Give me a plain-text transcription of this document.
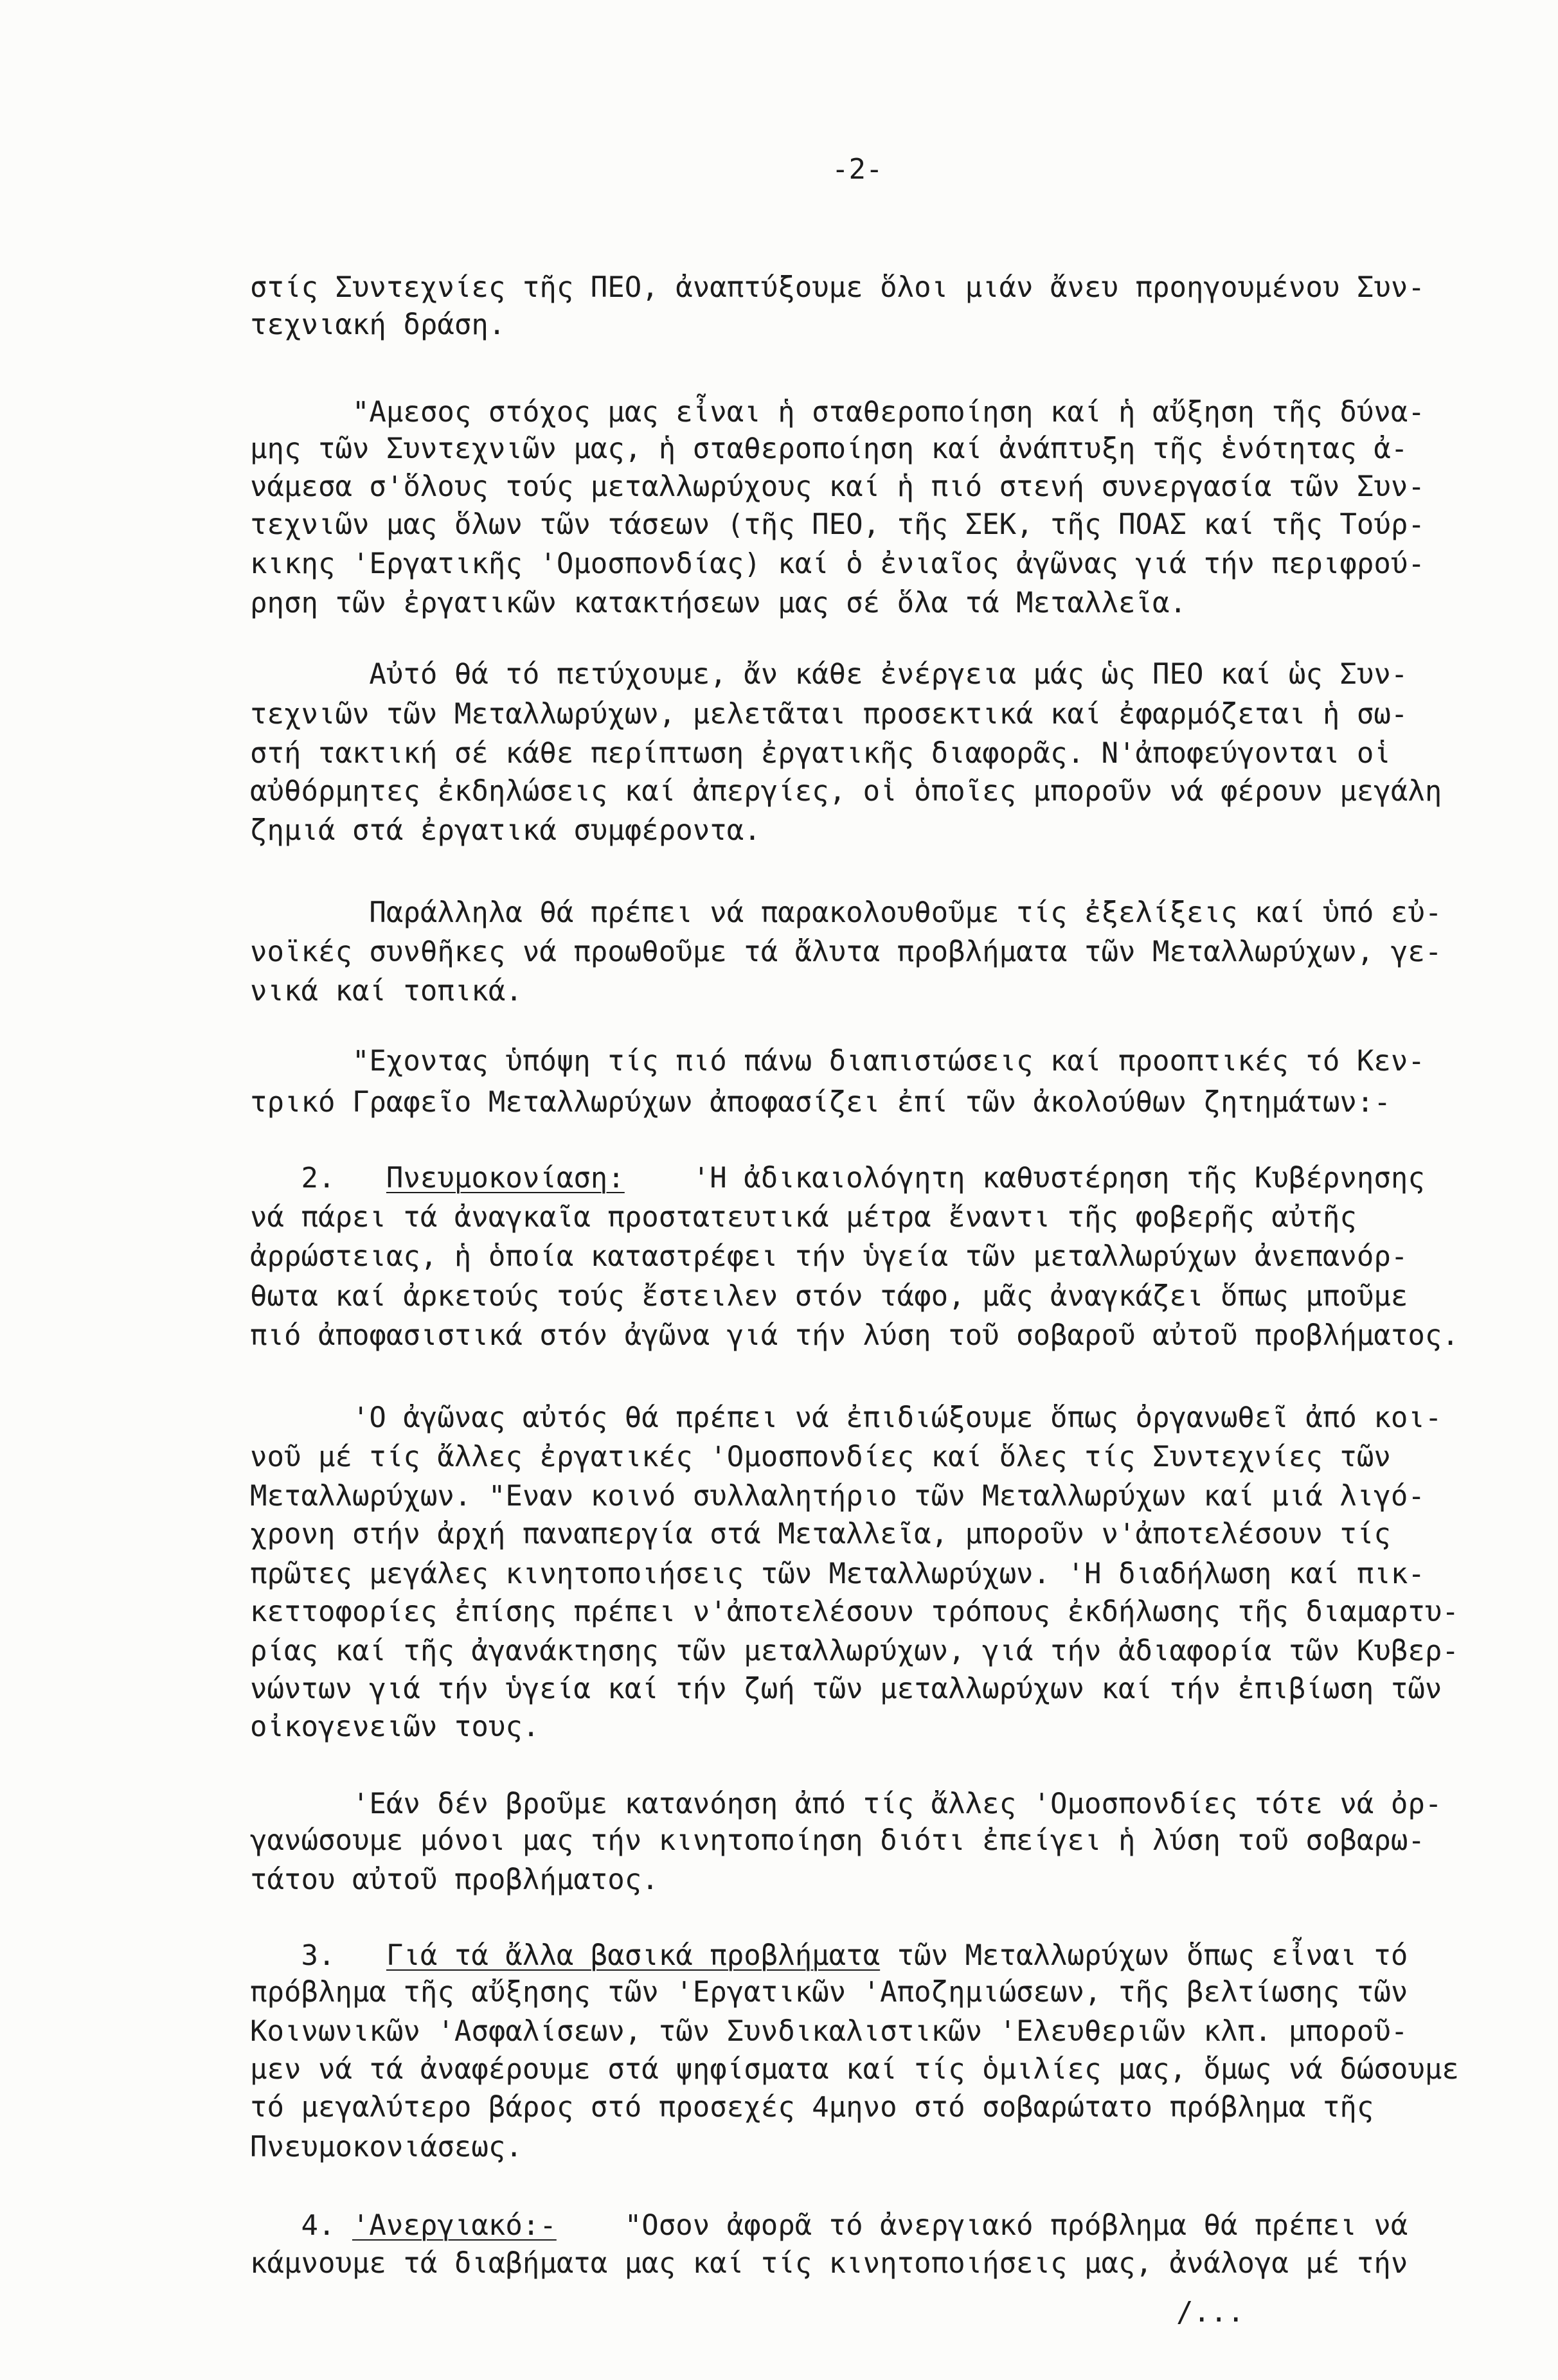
-2-
στίς Συντεχνίες τῆς ΠΕΟ, ἀναπτύξουμε ὅλοι μιάν ἄνευ προηγουμένου Συν-
τεχνιακή δράση.
"Αμεσος στόχος μας εἶναι ἡ σταθεροποίηση καί ἡ αὔξηση τῆς δύνα-
μης τῶν Συντεχνιῶν μας, ἡ σταθεροποίηση καί ἀνάπτυξη τῆς ἑνότητας ἀ-
νάμεσα σ'ὅλους τούς μεταλλωρύχους καί ἡ πιό στενή συνεργασία τῶν Συν-
τεχνιῶν μας ὅλων τῶν τάσεων (τῆς ΠΕΟ, τῆς ΣΕΚ, τῆς ΠΟΑΣ καί τῆς Τούρ-
κικης 'Εργατικῆς 'Ομοσπονδίας) καί ὁ ἐνιαῖος ἀγῶνας γιά τήν περιφρού-
ρηση τῶν ἐργατικῶν κατακτήσεων μας σέ ὅλα τά Μεταλλεῖα.
Αὐτό θά τό πετύχουμε, ἄν κάθε ἐνέργεια μάς ὡς ΠΕΟ καί ὡς Συν-
τεχνιῶν τῶν Μεταλλωρύχων, μελετᾶται προσεκτικά καί ἐφαρμόζεται ἡ σω-
στή τακτική σέ κάθε περίπτωση ἐργατικῆς διαφορᾶς. Ν'ἀποφεύγονται οἱ
αὐθόρμητες ἐκδηλώσεις καί ἀπεργίες, οἱ ὁποῖες μποροῦν νά φέρουν μεγάλη
ζημιά στά ἐργατικά συμφέροντα.
Παράλληλα θά πρέπει νά παρακολουθοῦμε τίς ἐξελίξεις καί ὑπό εὐ-
νοϊκές συνθῆκες νά προωθοῦμε τά ἄλυτα προβλήματα τῶν Μεταλλωρύχων, γε-
νικά καί τοπικά.
"Εχοντας ὑπόψη τίς πιό πάνω διαπιστώσεις καί προοπτικές τό Κεν-
τρικό Γραφεῖο Μεταλλωρύχων ἀποφασίζει ἐπί τῶν ἀκολούθων ζητημάτων:-
2. Πνευμοκονίαση: 'Η ἀδικαιολόγητη καθυστέρηση τῆς Κυβέρνησης
νά πάρει τά ἀναγκαῖα προστατευτικά μέτρα ἔναντι τῆς φοβερῆς αὐτῆς
ἀρρώστειας, ἡ ὁποία καταστρέφει τήν ὑγεία τῶν μεταλλωρύχων ἀνεπανόρ-
θωτα καί ἀρκετούς τούς ἔστειλεν στόν τάφο, μᾶς ἀναγκάζει ὅπως μποῦμε
πιό ἀποφασιστικά στόν ἀγῶνα γιά τήν λύση τοῦ σοβαροῦ αὐτοῦ προβλήματος.
'Ο ἀγῶνας αὐτός θά πρέπει νά ἐπιδιώξουμε ὅπως ὀργανωθεῖ ἀπό κοι-
νοῦ μέ τίς ἄλλες ἐργατικές 'Ομοσπονδίες καί ὅλες τίς Συντεχνίες τῶν
Μεταλλωρύχων. "Εναν κοινό συλλαλητήριο τῶν Μεταλλωρύχων καί μιά λιγό-
χρονη στήν ἀρχή παναπεργία στά Μεταλλεῖα, μποροῦν ν'ἀποτελέσουν τίς
πρῶτες μεγάλες κινητοποιήσεις τῶν Μεταλλωρύχων. 'Η διαδήλωση καί πικ-
κεττοφορίες ἐπίσης πρέπει ν'ἀποτελέσουν τρόπους ἐκδήλωσης τῆς διαμαρτυ-
ρίας καί τῆς ἀγανάκτησης τῶν μεταλλωρύχων, γιά τήν ἀδιαφορία τῶν Κυβερ-
νώντων γιά τήν ὑγεία καί τήν ζωή τῶν μεταλλωρύχων καί τήν ἐπιβίωση τῶν
οἰκογενειῶν τους.
'Εάν δέν βροῦμε κατανόηση ἀπό τίς ἄλλες 'Ομοσπονδίες τότε νά ὀρ-
γανώσουμε μόνοι μας τήν κινητοποίηση διότι ἐπείγει ἡ λύση τοῦ σοβαρω-
τάτου αὐτοῦ προβλήματος.
3. Γιά τά ἄλλα βασικά προβλήματα τῶν Μεταλλωρύχων ὅπως εἶναι τό
πρόβλημα τῆς αὔξησης τῶν 'Εργατικῶν 'Αποζημιώσεων, τῆς βελτίωσης τῶν
Κοινωνικῶν 'Ασφαλίσεων, τῶν Συνδικαλιστικῶν 'Ελευθεριῶν κλπ. μποροῦ-
μεν νά τά ἀναφέρουμε στά ψηφίσματα καί τίς ὁμιλίες μας, ὅμως νά δώσουμε
τό μεγαλύτερο βάρος στό προσεχές 4μηνο στό σοβαρώτατο πρόβλημα τῆς
Πνευμοκονιάσεως.
4. 'Ανεργιακό:- "Οσον ἀφορᾶ τό ἀνεργιακό πρόβλημα θά πρέπει νά
κάμνουμε τά διαβήματα μας καί τίς κινητοποιήσεις μας, ἀνάλογα μέ τήν
/...
